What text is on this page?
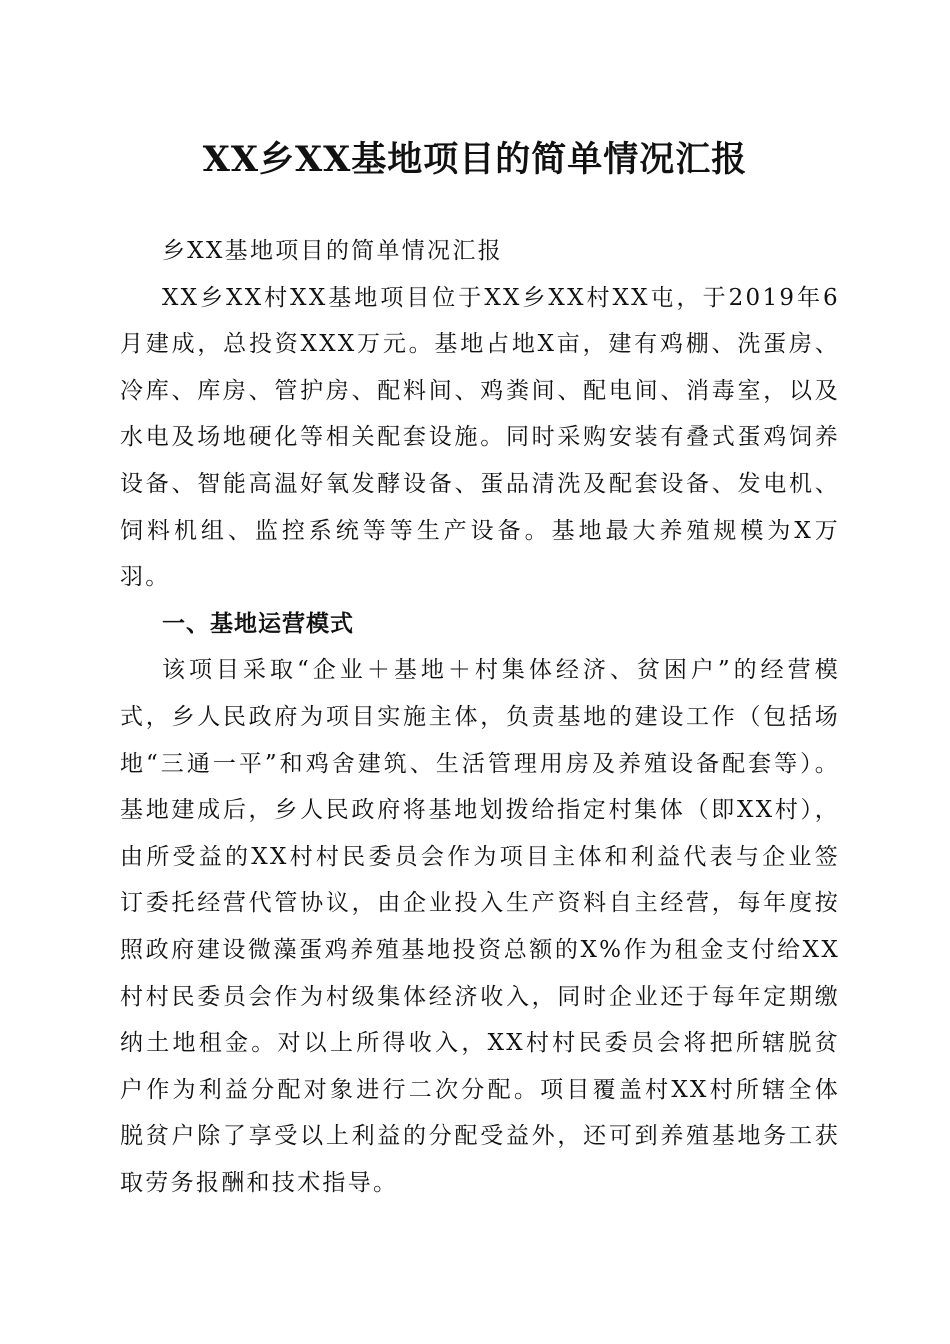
XX乡XX基地项目的简单情况汇报

乡XX基地项目的简单情况汇报

XX乡XX村XX基地项目位于XX乡XX村XX屯，于2019年6月建成，总投资XXX万元。基地占地X亩，建有鸡棚、洗蛋房、冷库、库房、管护房、配料间、鸡粪间、配电间、消毒室，以及水电及场地硬化等相关配套设施。同时采购安装有叠式蛋鸡饲养设备、智能高温好氧发酵设备、蛋品清洗及配套设备、发电机、饲料机组、监控系统等等生产设备。基地最大养殖规模为X万羽。

一、基地运营模式

该项目采取“企业＋基地＋村集体经济、贫困户”的经营模式，乡人民政府为项目实施主体，负责基地的建设工作（包括场地“三通一平”和鸡舍建筑、生活管理用房及养殖设备配套等）。基地建成后，乡人民政府将基地划拨给指定村集体（即XX村），由所受益的XX村村民委员会作为项目主体和利益代表与企业签订委托经营代管协议，由企业投入生产资料自主经营，每年度按照政府建设微藻蛋鸡养殖基地投资总额的X%作为租金支付给XX村村民委员会作为村级集体经济收入，同时企业还于每年定期缴纳土地租金。对以上所得收入，XX村村民委员会将把所辖脱贫户作为利益分配对象进行二次分配。项目覆盖村XX村所辖全体脱贫户除了享受以上利益的分配受益外，还可到养殖基地务工获取劳务报酬和技术指导。
